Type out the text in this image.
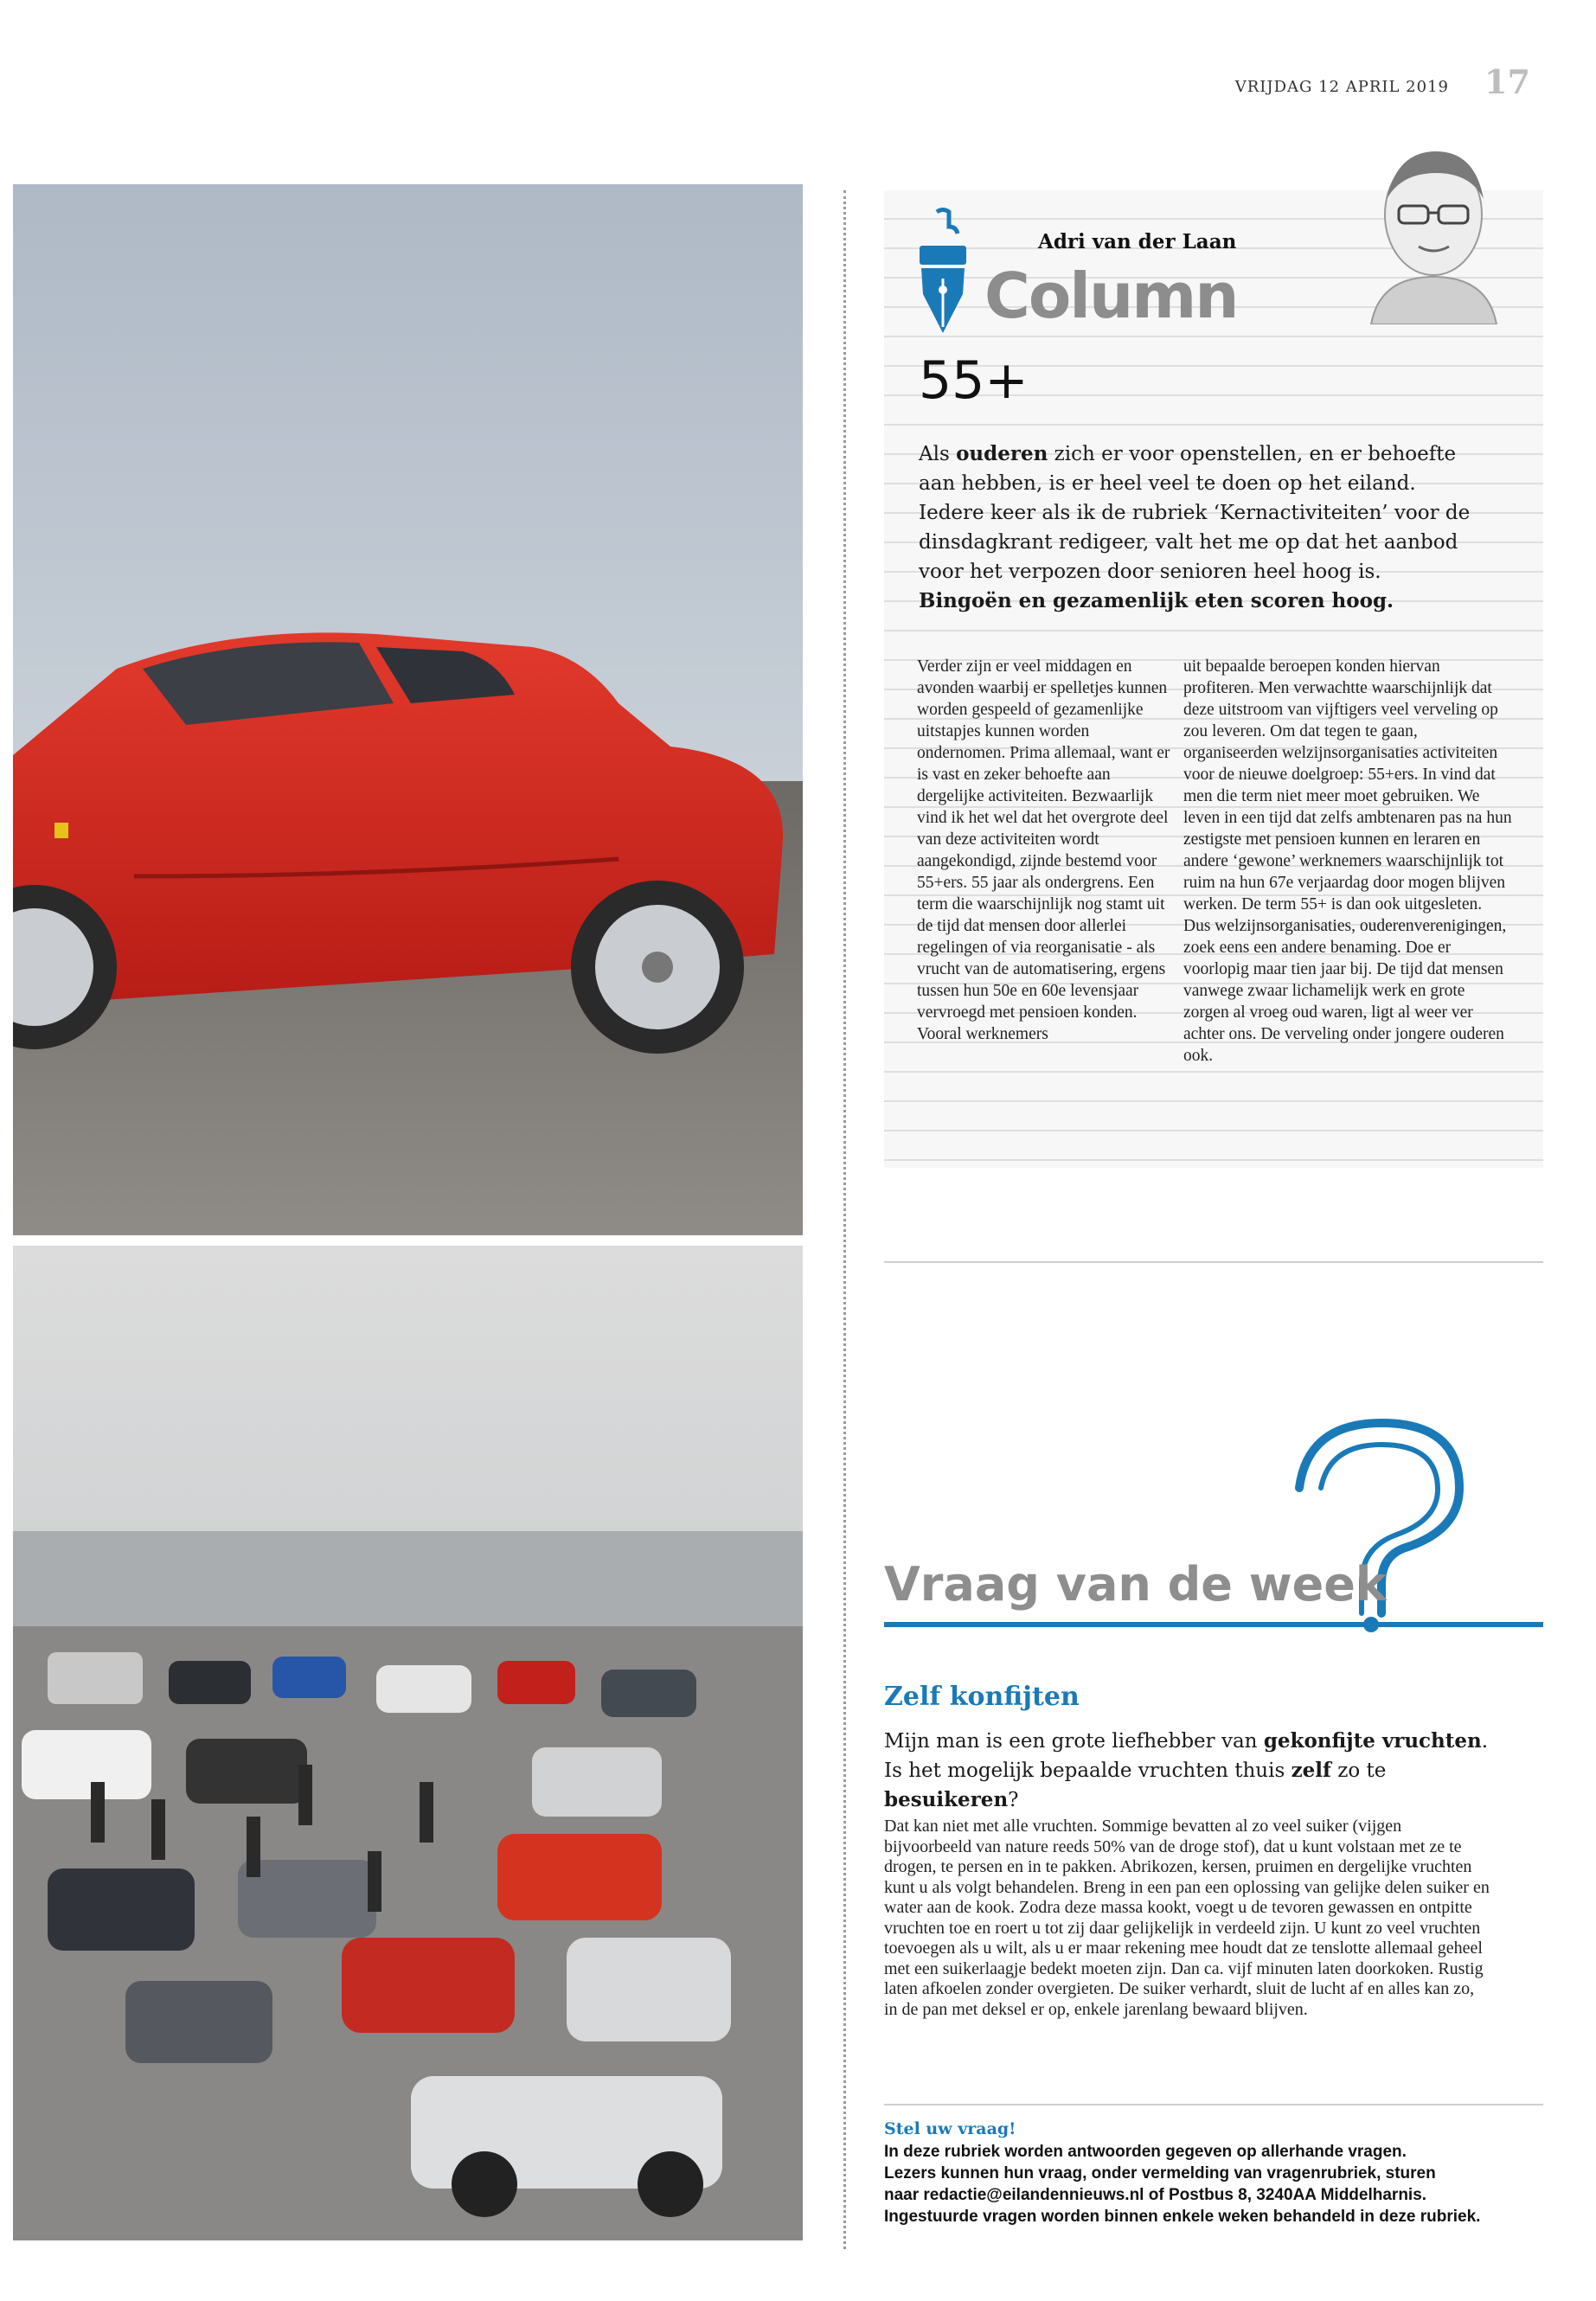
VRIJDAG 12 APRIL 2019 17
Adri van der Laan
Column
55+
Als ouderen zich er voor openstellen, en er behoefte aan hebben, is er heel veel te doen op het eiland. Iedere keer als ik de rubriek ‘Kernactiviteiten’ voor de dinsdagkrant redigeer, valt het me op dat het aanbod voor het verpozen door senioren heel hoog is. Bingoën en gezamenlijk eten scoren hoog.
Verder zijn er veel middagen en avonden waarbij er spelletjes kunnen worden gespeeld of gezamenlijke uitstapjes kunnen worden ondernomen. Prima allemaal, want er is vast en zeker behoefte aan dergelijke activiteiten. Bezwaarlijk vind ik het wel dat het overgrote deel van deze activiteiten wordt aangekondigd, zijnde bestemd voor 55+ers. 55 jaar als ondergrens. Een term die waarschijnlijk nog stamt uit de tijd dat mensen door allerlei regelingen of via reorganisatie - als vrucht van de automatisering, ergens tussen hun 50e en 60e levensjaar vervroegd met pensioen konden. Vooral werknemers
uit bepaalde beroepen konden hiervan profiteren. Men verwachtte waarschijnlijk dat deze uitstroom van vijftigers veel verveling op zou leveren. Om dat tegen te gaan, organiseerden welzijnsorganisaties activiteiten voor de nieuwe doelgroep: 55+ers. In vind dat men die term niet meer moet gebruiken. We leven in een tijd dat zelfs ambtenaren pas na hun zestigste met pensioen kunnen en leraren en andere ‘gewone’ werknemers waarschijnlijk tot ruim na hun 67e verjaardag door mogen blijven werken. De term 55+ is dan ook uitgesleten. Dus welzijnsorganisaties, ouderenverenigingen, zoek eens een andere benaming. Doe er voorlopig maar tien jaar bij. De tijd dat mensen vanwege zwaar lichamelijk werk en grote zorgen al vroeg oud waren, ligt al weer ver achter ons. De verveling onder jongere ouderen ook.
Vraag van de week
Zelf konfijten
Mijn man is een grote liefhebber van gekonfijte vruchten. Is het mogelijk bepaalde vruchten thuis zelf zo te besuikeren?
Dat kan niet met alle vruchten. Sommige bevatten al zo veel suiker (vijgen bijvoorbeeld van nature reeds 50% van de droge stof), dat u kunt volstaan met ze te drogen, te persen en in te pakken. Abrikozen, kersen, pruimen en dergelijke vruchten kunt u als volgt behandelen. Breng in een pan een oplossing van gelijke delen suiker en water aan de kook. Zodra deze massa kookt, voegt u de tevoren gewassen en ontpitte vruchten toe en roert u tot zij daar gelijkelijk in verdeeld zijn. U kunt zo veel vruchten toevoegen als u wilt, als u er maar rekening mee houdt dat ze tenslotte allemaal geheel met een suikerlaagje bedekt moeten zijn. Dan ca. vijf minuten laten doorkoken. Rustig laten afkoelen zonder overgieten. De suiker verhardt, sluit de lucht af en alles kan zo, in de pan met deksel er op, enkele jarenlang bewaard blijven.
Stel uw vraag!
In deze rubriek worden antwoorden gegeven op allerhande vragen.
Lezers kunnen hun vraag, onder vermelding van vragenrubriek, sturen
naar redactie@eilandennieuws.nl of Postbus 8, 3240AA Middelharnis.
Ingestuurde vragen worden binnen enkele weken behandeld in deze rubriek.
